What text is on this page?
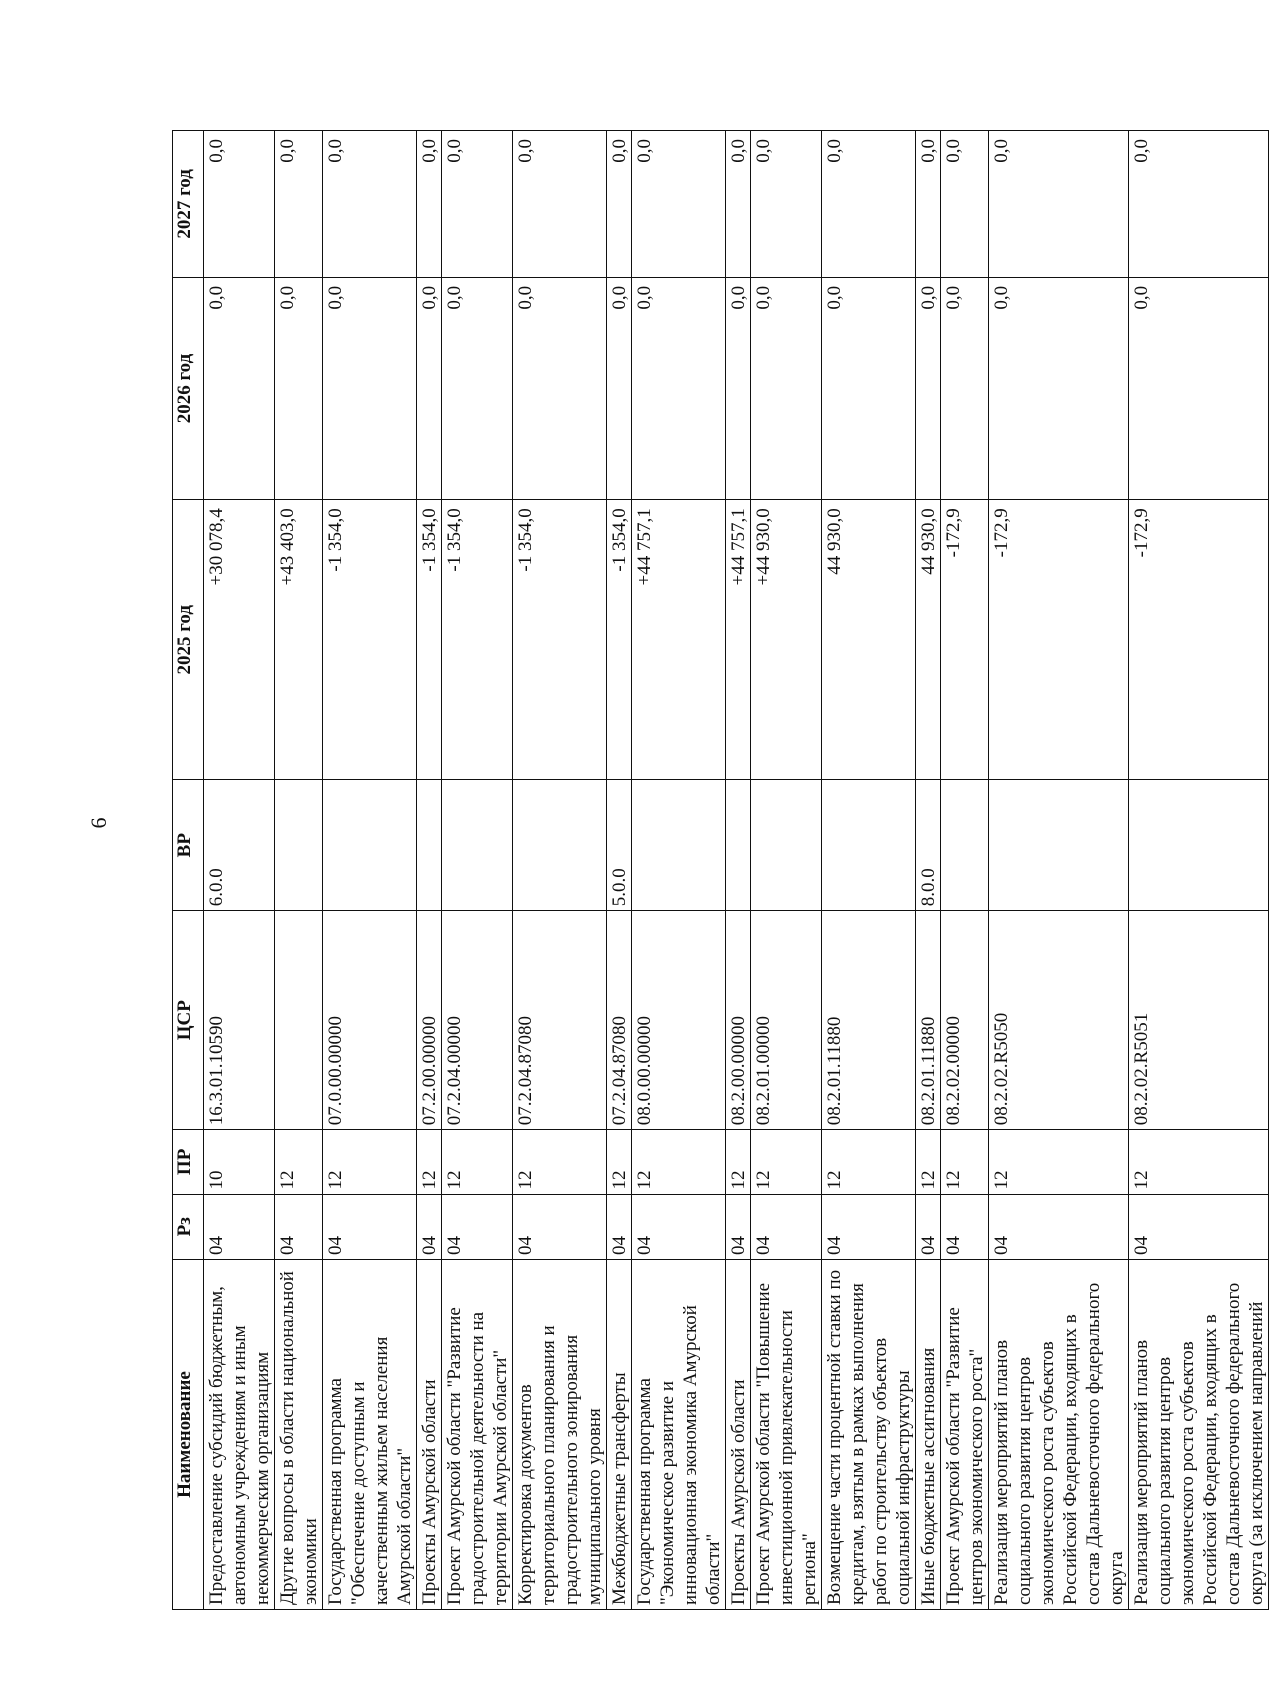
6
Наименование	Рз	ПР	ЦСР	ВР	2025 год	2026 год	2027 год
Предоставление субсидий бюджетным, автономным учреждениям и иным некоммерческим организациям	04	10	16.3.01.10590	6.0.0	+30 078,4	0,0	0,0
Другие вопросы в области национальной экономики	04	12			+43 403,0	0,0	0,0
Государственная программа "Обеспечение доступным и качественным жильем населения Амурской области"	04	12	07.0.00.00000		-1 354,0	0,0	0,0
Проекты Амурской области	04	12	07.2.00.00000		-1 354,0	0,0	0,0
Проект Амурской области "Развитие градостроительной деятельности на территории Амурской области"	04	12	07.2.04.00000		-1 354,0	0,0	0,0
Корректировка документов территориального планирования и градостроительного зонирования муниципального уровня	04	12	07.2.04.87080		-1 354,0	0,0	0,0
Межбюджетные трансферты	04	12	07.2.04.87080	5.0.0	-1 354,0	0,0	0,0
Государственная программа "Экономическое развитие и инновационная экономика Амурской области"	04	12	08.0.00.00000		+44 757,1	0,0	0,0
Проекты Амурской области	04	12	08.2.00.00000		+44 757,1	0,0	0,0
Проект Амурской области "Повышение инвестиционной привлекательности региона"	04	12	08.2.01.00000		+44 930,0	0,0	0,0
Возмещение части процентной ставки по кредитам, взятым в рамках выполнения работ по строительству объектов социальной инфраструктуры	04	12	08.2.01.11880		44 930,0	0,0	0,0
Иные бюджетные ассигнования	04	12	08.2.01.11880	8.0.0	44 930,0	0,0	0,0
Проект Амурской области "Развитие центров экономического роста"	04	12	08.2.02.00000		-172,9	0,0	0,0
Реализация мероприятий планов социального развития центров экономического роста субъектов Российской Федерации, входящих в состав Дальневосточного федерального округа	04	12	08.2.02.R5050		-172,9	0,0	0,0
Реализация мероприятий планов социального развития центров экономического роста субъектов Российской Федерации, входящих в состав Дальневосточного федерального округа (за исключением направлений	04	12	08.2.02.R5051		-172,9	0,0	0,0
